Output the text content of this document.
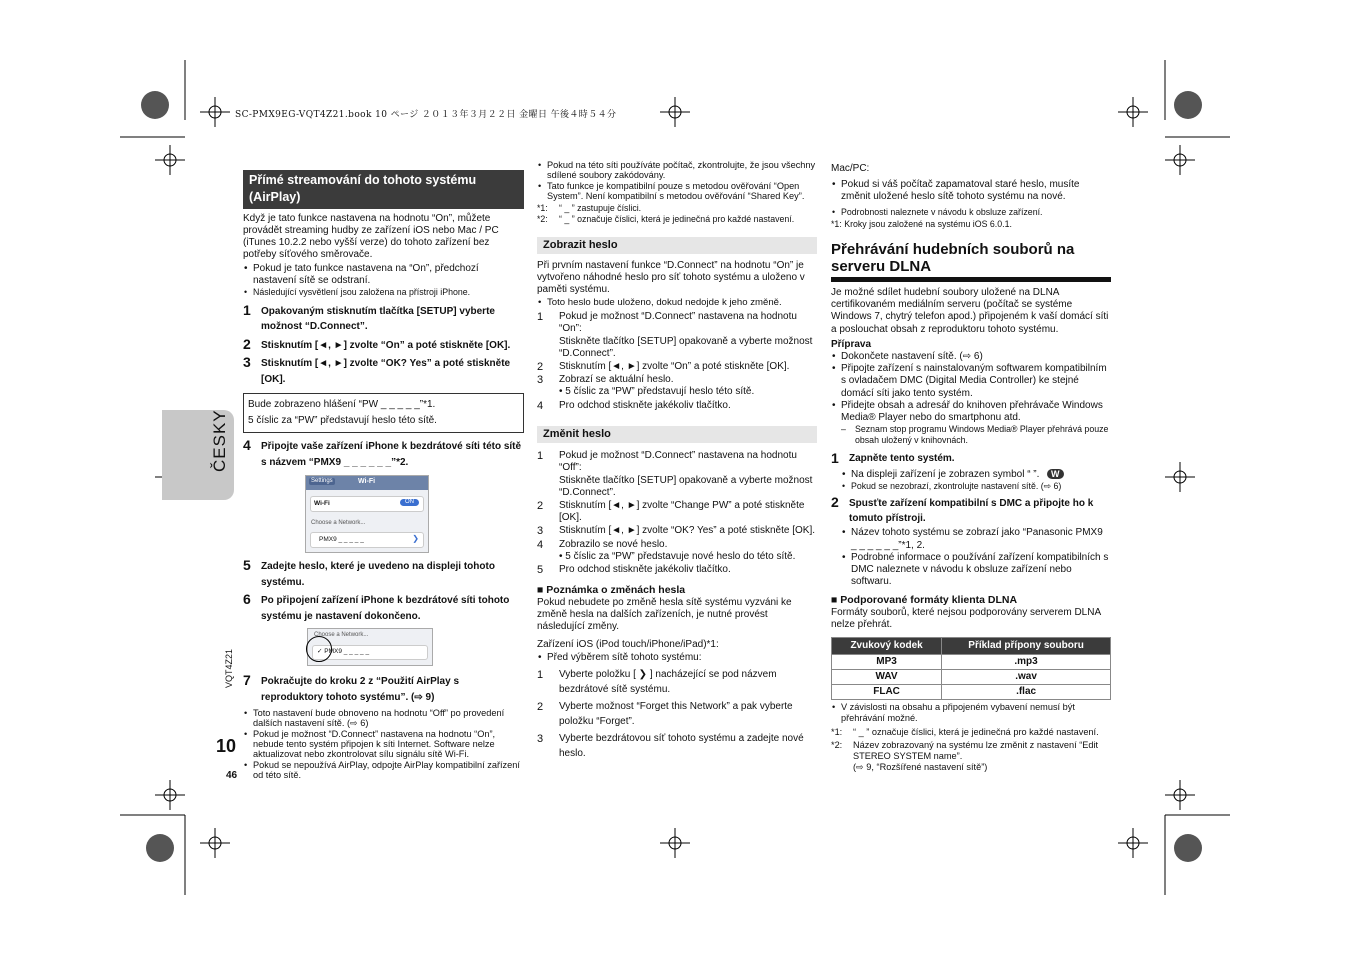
SC-PMX9EG-VQT4Z21.book 10 ページ ２０１３年３月２２日 金曜日 午後４時５４分
ČESKY
VQT4Z21
10
46
Přímé streamování do tohoto systému (AirPlay)

Když je tato funkce nastavena na hodnotu “On”, můžete provádět streaming hudby ze zařízení iOS nebo Mac / PC (iTunes 10.2.2 nebo vyšší verze) do tohoto zařízení bez potřeby síťového směrovače.

• Pokud je tato funkce nastavena na “On”, předchozí nastavení sítě se odstraní.
• Následující vysvětlení jsou založena na přístroji iPhone.
1 Opakovaným stisknutím tlačítka [SETUP] vyberte možnost “D.Connect”.

2 Stisknutím [◄, ►] zvolte “On” a poté stiskněte [OK].

3 Stisknutím [◄, ►] zvolte “OK? Yes” a poté stiskněte [OK].

Bude zobrazeno hlášení “PW _ _ _ _ _”*1.
5 číslic za “PW” představují heslo této sítě.
4 Připojte vaše zařízení iPhone k bezdrátové síti této sítě s názvem “PMX9 _ _ _ _ _ _”*2.

Settings	Wi-Fi
Wi-Fi	ON
Choose a Network...
PMX9 _ _ _ _ _	❯
5 Zadejte heslo, které je uvedeno na displeji tohoto systému.

6 Po připojení zařízení iPhone k bezdrátové síti tohoto systému je nastavení dokončeno.

Choose a Network...
✓ PMX9 _ _ _ _ _
7 Pokračujte do kroku 2 z “Použití AirPlay s reproduktory tohoto systému”. (⇨ 9)

• Toto nastavení bude obnoveno na hodnotu “Off” po provedení dalších nastavení sítě. (⇨ 6)
• Pokud je možnost “D.Connect” nastavena na hodnotu “On”, nebude tento systém připojen k síti Internet. Software nelze aktualizovat nebo zkontrolovat sílu signálu sítě Wi-Fi.
• Pokud se nepoužívá AirPlay, odpojte AirPlay kompatibilní zařízení od této sítě.
• Pokud na této síti používáte počítač, zkontrolujte, že jsou všechny sdílené soubory zakódovány.
• Tato funkce je kompatibilní pouze s metodou ověřování “Open System”. Není kompatibilní s metodou ověřování “Shared Key”.
*1: “ _ ” zastupuje číslici.
*2: “ _ ” označuje číslici, která je jedinečná pro každé nastavení.
Zobrazit heslo

Při prvním nastavení funkce “D.Connect” na hodnotu “On” je vytvořeno náhodné heslo pro síť tohoto systému a uloženo v paměti systému.

• Toto heslo bude uloženo, dokud nedojde k jeho změně.
1 Pokud je možnost “D.Connect” nastavena na hodnotu “On”:
Stiskněte tlačítko [SETUP] opakovaně a vyberte možnost “D.Connect”.
2 Stisknutím [◄, ►] zvolte “On” a poté stiskněte [OK].
3 Zobrazí se aktuální heslo.
• 5 číslic za “PW” představují heslo této sítě.
4 Pro odchod stiskněte jakékoliv tlačítko.
Změnit heslo
1 Pokud je možnost “D.Connect” nastavena na hodnotu “Off”:
Stiskněte tlačítko [SETUP] opakovaně a vyberte možnost “D.Connect”.
2 Stisknutím [◄, ►] zvolte “Change PW” a poté stiskněte [OK].
3 Stisknutím [◄, ►] zvolte “OK? Yes” a poté stiskněte [OK].
4 Zobrazilo se nové heslo.
• 5 číslic za “PW” představuje nové heslo do této sítě.
5 Pro odchod stiskněte jakékoliv tlačítko.

■ Poznámka o změnách hesla

Pokud nebudete po změně hesla sítě systému vyzváni ke změně hesla na dalších zařízeních, je nutné provést následující změny.

Zařízení iOS (iPod touch/iPhone/iPad)*1:

• Před výběrem sítě tohoto systému:
1 Vyberte položku [ ❯ ] nacházející se pod názvem bezdrátové sítě systému.
2 Vyberte možnost “Forget this Network” a pak vyberte položku “Forget”.
3 Vyberte bezdrátovou síť tohoto systému a zadejte nové heslo.

Mac/PC:

• Pokud si váš počítač zapamatoval staré heslo, musíte změnit uložené heslo sítě tohoto systému na nové.
• Podrobnosti naleznete v návodu k obsluze zařízení.

*1: Kroky jsou založené na systému iOS 6.0.1.

Přehrávání hudebních souborů na serveru DLNA

Je možné sdílet hudební soubory uložené na DLNA certifikovaném mediálním serveru (počítač se systéme Windows 7, chytrý telefon apod.) připojeném k vaší domácí síti a poslouchat obsah z reproduktoru tohoto systému.

Příprava

• Dokončete nastavení sítě. (⇨ 6)
• Připojte zařízení s nainstalovaným softwarem kompatibilním s ovladačem DMC (Digital Media Controller) ke stejné domácí síti jako tento systém.
• Přidejte obsah a adresář do knihoven přehrávače Windows Media® Player nebo do smartphonu atd.
– Seznam stop programu Windows Media® Player přehrává pouze obsah uložený v knihovnách.
1 Zapněte tento systém.

• Na displeji zařízení je zobrazen symbol “ ”.	W
• Pokud se nezobrazí, zkontrolujte nastavení sítě. (⇨ 6)
2 Spusťte zařízení kompatibilní s DMC a připojte ho k tomuto přístroji.

• Název tohoto systému se zobrazí jako “Panasonic PMX9 _ _ _ _ _ _”*1, 2.
• Podrobné informace o používání zařízení kompatibilních s DMC naleznete v návodu k obsluze zařízení nebo softwaru.

■ Podporované formáty klienta DLNA

Formáty souborů, které nejsou podporovány serverem DLNA nelze přehrát.

Zvukový kodek	Příklad přípony souboru
MP3	.mp3
WAV	.wav
FLAC	.flac
• V závislosti na obsahu a připojeném vybavení nemusí být přehrávání možné.
*1: “ _ ” označuje číslici, která je jedinečná pro každé nastavení.
*2: Název zobrazovaný na systému lze změnit z nastavení “Edit STEREO SYSTEM name”.
(⇨ 9, “Rozšířené nastavení sítě”)
